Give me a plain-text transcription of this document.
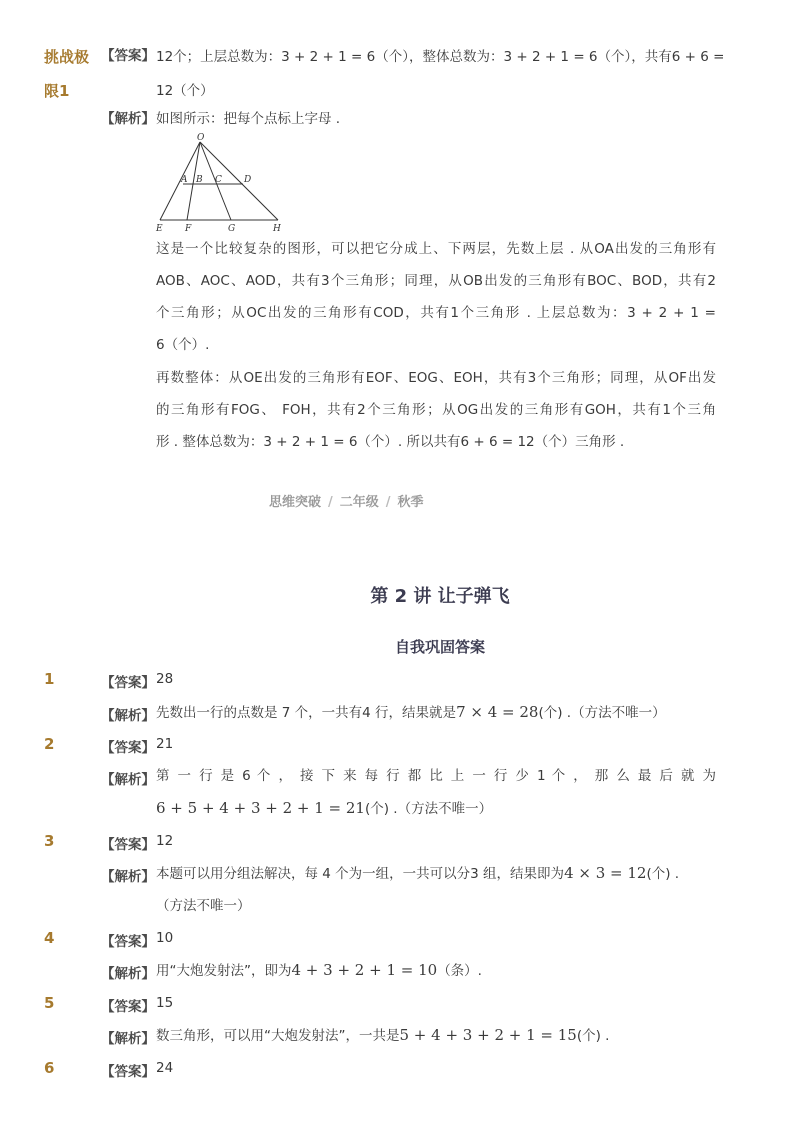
挑战极
限1
【答案】 12个；上层总数为：3 + 2 + 1 = 6（个），整体总数为：3 + 2 + 1 = 6（个），共有6 + 6 =
12（个）
【解析】 如图所示：把每个点标上字母 .
O
A B C D
E F	G	H
这是一个比较复杂的图形，可以把它分成上、下两层，先数上层 . 从OA出发的三角形有
AOB、AOC、AOD，共有3个三角形；同理，从OB出发的三角形有BOC、BOD，共有2
个三角形；从OC出发的三角形有COD，共有1个三角形 . 上层总数为：3 + 2 + 1 =
6（个）.
再数整体：从OE出发的三角形有EOF、EOG、EOH，共有3个三角形；同理，从OF出发
的三角形有FOG、 FOH，共有2个三角形；从OG出发的三角形有GOH，共有1个三角
形 . 整体总数为：3 + 2 + 1 = 6（个）. 所以共有6 + 6 = 12（个）三角形 .
思维突破 / 二年级 / 秋季
第 2 讲 让子弹飞
自我巩固答案
1	【答案】 28
【解析】 先数出一行的点数是 7 个，一共有4 行，结果就是7 × 4 = 28(个) .（方法不唯一）
2	【答案】 21
【解析】 第 一 行 是 6 个 ， 接 下 来 每 行 都 比 上 一 行 少 1 个 ， 那 么 最 后 就 为
6 + 5 + 4 + 3 + 2 + 1 = 21(个) .（方法不唯一）
3	【答案】 12
【解析】 本题可以用分组法解决，每 4 个为一组，一共可以分3 组，结果即为4 × 3 = 12(个) .
（方法不唯一）
4	【答案】 10
【解析】 用“大炮发射法”，即为4 + 3 + 2 + 1 = 10（条）.
5	【答案】 15
【解析】 数三角形，可以用“大炮发射法”，一共是5 + 4 + 3 + 2 + 1 = 15(个) .
6	【答案】 24
